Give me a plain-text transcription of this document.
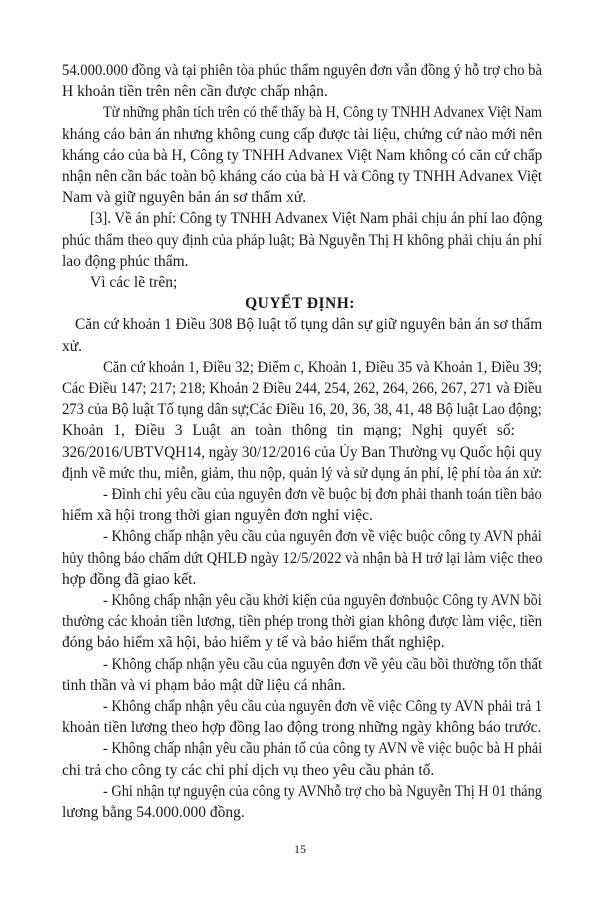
54.000.000 đồng và tại phiên tòa phúc thẩm nguyên đơn vẫn đồng ý hỗ trợ cho bà
H khoản tiền trên nên cần được chấp nhận.
Từ những phân tích trên có thể thấy bà H, Công ty TNHH Advanex Việt Nam
kháng cáo bản án nhưng không cung cấp được tài liệu, chứng cứ nào mới nên
kháng cáo của bà H, Công ty TNHH Advanex Việt Nam không có căn cứ chấp
nhận nên cần bác toàn bộ kháng cáo của bà H và Công ty TNHH Advanex Việt
Nam và giữ nguyên bản án sơ thẩm xử.
[3]. Về án phí: Công ty TNHH Advanex Việt Nam phải chịu án phí lao động
phúc thẩm theo quy định của pháp luật; Bà Nguyễn Thị H không phải chịu án phí
lao động phúc thẩm.
Vì các lẽ trên;
QUYẾT ĐỊNH:
Căn cứ khoản 1 Điều 308 Bộ luật tố tụng dân sự giữ nguyên bản án sơ thẩm
xử.
Căn cứ khoản 1, Điều 32; Điểm c, Khoản 1, Điều 35 và Khoản 1, Điều 39;
Các Điều 147; 217; 218; Khoản 2 Điều 244, 254, 262, 264, 266, 267, 271 và Điều
273 của Bộ luật Tố tụng dân sự;Các Điều 16, 20, 36, 38, 41, 48 Bộ luật Lao động;
Khoản 1, Điều 3 Luật an toàn thông tin mạng; Nghị quyết số:
326/2016/UBTVQH14, ngày 30/12/2016 của Ủy Ban Thường vụ Quốc hội quy
định về mức thu, miễn, giảm, thu nộp, quản lý và sử dụng án phí, lệ phí tòa án xử:
- Đình chỉ yêu cầu của nguyên đơn về buộc bị đơn phải thanh toán tiền bảo
hiểm xã hội trong thời gian nguyên đơn nghỉ việc.
- Không chấp nhận yêu cầu của nguyên đơn về việc buộc công ty AVN phải
hủy thông báo chấm dứt QHLĐ ngày 12/5/2022 và nhận bà H trở lại làm việc theo
hợp đồng đã giao kết.
- Không chấp nhận yêu cầu khởi kiện của nguyên đơnbuộc Công ty AVN bồi
thường các khoản tiền lương, tiền phép trong thời gian không được làm việc, tiền
đóng bảo hiểm xã hội, bảo hiểm y tế và bảo hiểm thất nghiệp.
- Không chấp nhận yêu cầu của nguyên đơn về yêu cầu bồi thường tổn thất
tinh thần và vi phạm bảo mật dữ liệu cá nhân.
- Không chấp nhận yêu cầu của nguyên đơn về việc Công ty AVN phải trả 1
khoản tiền lương theo hợp đồng lao động trong những ngày không báo trước.
- Không chấp nhận yêu cầu phản tố của công ty AVN về việc buộc bà H phải
chi trả cho công ty các chi phí dịch vụ theo yêu cầu phản tố.
- Ghi nhận tự nguyện của công ty AVNhỗ trợ cho bà Nguyễn Thị H 01 tháng
lương bằng 54.000.000 đồng.
15
